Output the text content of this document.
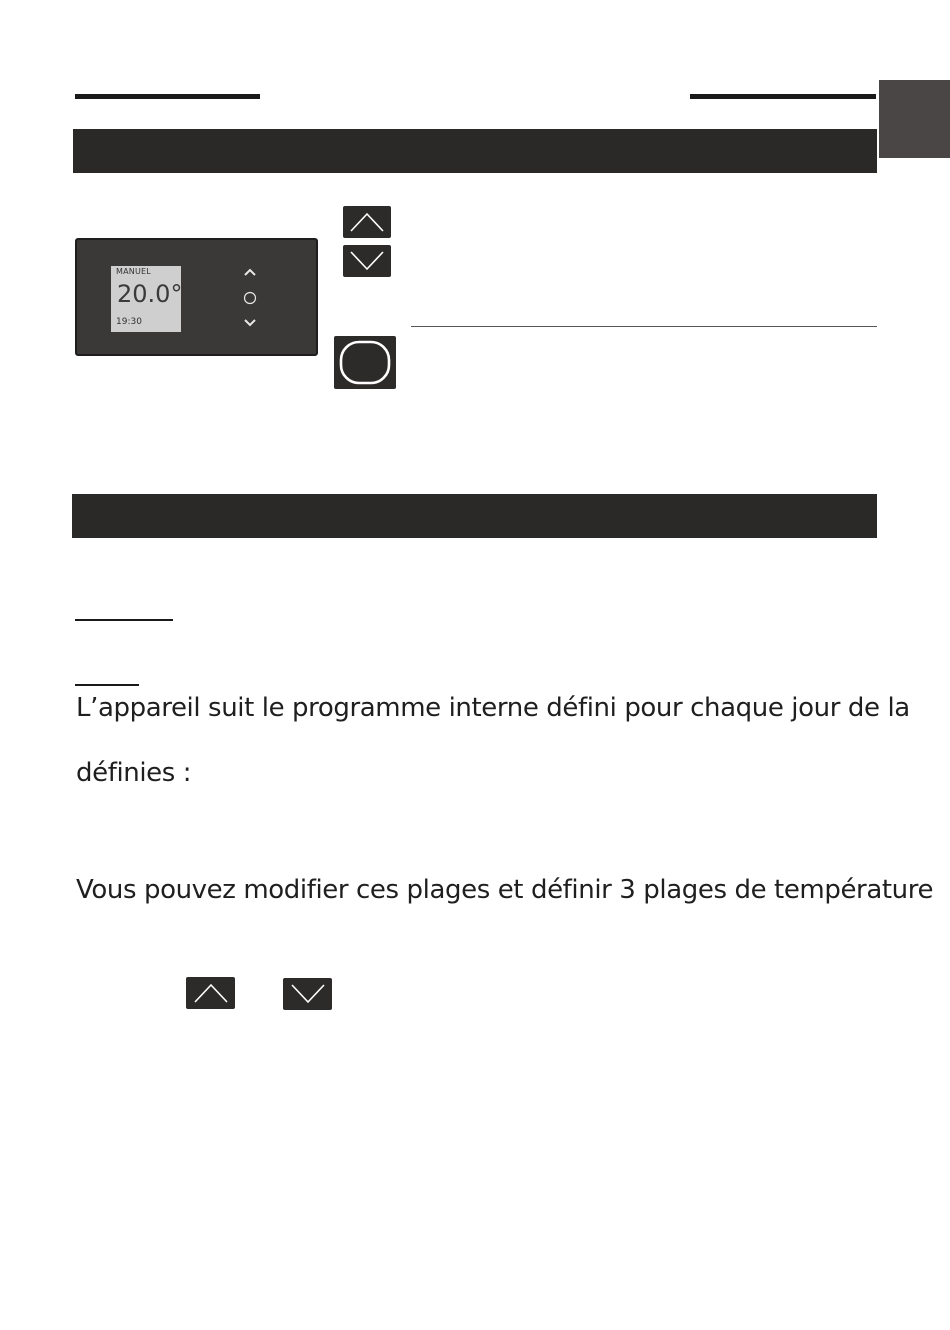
MANUEL
20.0°
19:30
L’appareil suit le programme interne défini pour chaque jour de la
définies :
Vous pouvez modifier ces plages et définir 3 plages de température
